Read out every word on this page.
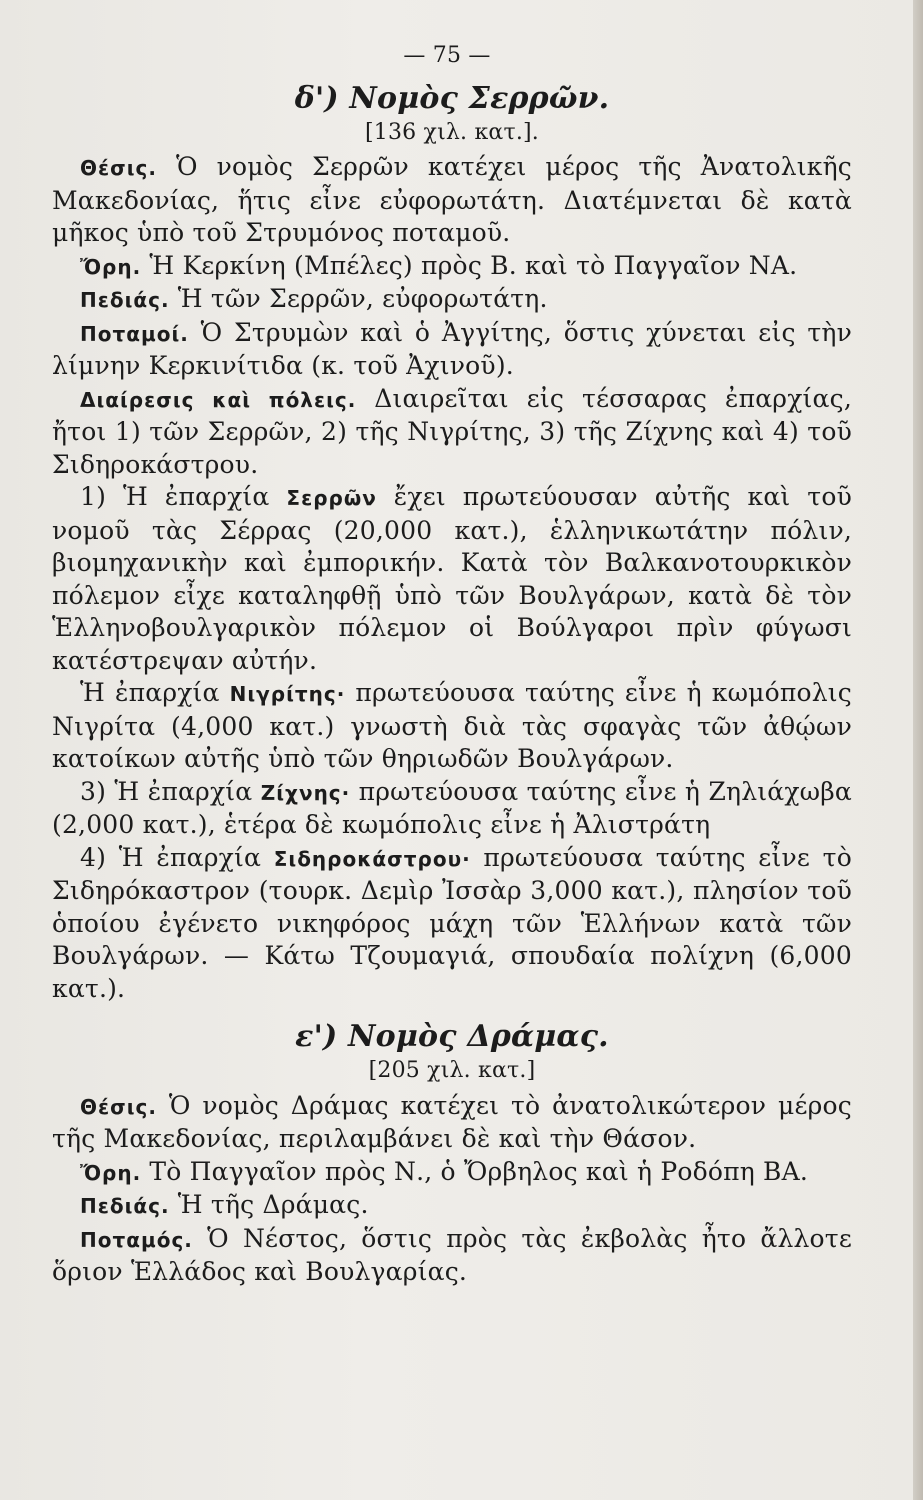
— 75 —
δ') Νομὸς Σερρῶν.
[136 χιλ. κατ.].

Θέσις. Ὁ νομὸς Σερρῶν κατέχει μέρος τῆς Ἀνατολικῆς Μακεδονίας, ἥτις εἶνε εὐφορωτάτη. Διατέμνεται δὲ κατὰ μῆκος ὑπὸ τοῦ Στρυμόνος ποταμοῦ.

Ὄρη. Ἡ Κερκίνη (Μπέλες) πρὸς Β. καὶ τὸ Παγγαῖον ΝΑ.

Πεδιάς. Ἡ τῶν Σερρῶν, εὐφορωτάτη.

Ποταμοί. Ὁ Στρυμὼν καὶ ὁ Ἀγγίτης, ὅστις χύνεται εἰς τὴν λίμνην Κερκινίτιδα (κ. τοῦ Ἀχινοῦ).

Διαίρεσις καὶ πόλεις. Διαιρεῖται εἰς τέσσαρας ἐπαρχίας, ἤτοι 1) τῶν Σερρῶν, 2) τῆς Νιγρίτης, 3) τῆς Ζίχνης καὶ 4) τοῦ Σιδηροκάστρου.

1) Ἡ ἐπαρχία Σερρῶν ἔχει πρωτεύουσαν αὐτῆς καὶ τοῦ νομοῦ τὰς Σέρρας (20,000 κατ.), ἑλληνικωτάτην πόλιν, βιομηχανικὴν καὶ ἐμπορικήν. Κατὰ τὸν Βαλκανοτουρκικὸν πόλεμον εἶχε καταληφθῇ ὑπὸ τῶν Βουλγάρων, κατὰ δὲ τὸν Ἑλληνοβουλγαρικὸν πόλεμον οἱ Βούλγαροι πρὶν φύγωσι κατέστρεψαν αὐτήν.

Ἡ ἐπαρχία Νιγρίτης· πρωτεύουσα ταύτης εἶνε ἡ κωμόπολις Νιγρίτα (4,000 κατ.) γνωστὴ διὰ τὰς σφαγὰς τῶν ἀθῴων κατοίκων αὐτῆς ὑπὸ τῶν θηριωδῶν Βουλγάρων.

3) Ἡ ἐπαρχία Ζίχνης· πρωτεύουσα ταύτης εἶνε ἡ Ζηλιάχωβα (2,000 κατ.), ἑτέρα δὲ κωμόπολις εἶνε ἡ Ἀλιστράτη

4) Ἡ ἐπαρχία Σιδηροκάστρου· πρωτεύουσα ταύτης εἶνε τὸ Σιδηρόκαστρον (τουρκ. Δεμὶρ Ἰσσὰρ 3,000 κατ.), πλησίον τοῦ ὁποίου ἐγένετο νικηφόρος μάχη τῶν Ἑλλήνων κατὰ τῶν Βουλγάρων. — Κάτω Τζουμαγιά, σπουδαία πολίχνη (6,000 κατ.).

ε') Νομὸς Δράμας.
[205 χιλ. κατ.]

Θέσις. Ὁ νομὸς Δράμας κατέχει τὸ ἀνατολικώτερον μέρος τῆς Μακεδονίας, περιλαμβάνει δὲ καὶ τὴν Θάσον.

Ὄρη. Τὸ Παγγαῖον πρὸς Ν., ὁ Ὄρβηλος καὶ ἡ Ροδόπη ΒΑ.

Πεδιάς. Ἡ τῆς Δράμας.

Ποταμός. Ὁ Νέστος, ὅστις πρὸς τὰς ἐκβολὰς ἦτο ἄλλοτε ὅριον Ἑλλάδος καὶ Βουλγαρίας.
